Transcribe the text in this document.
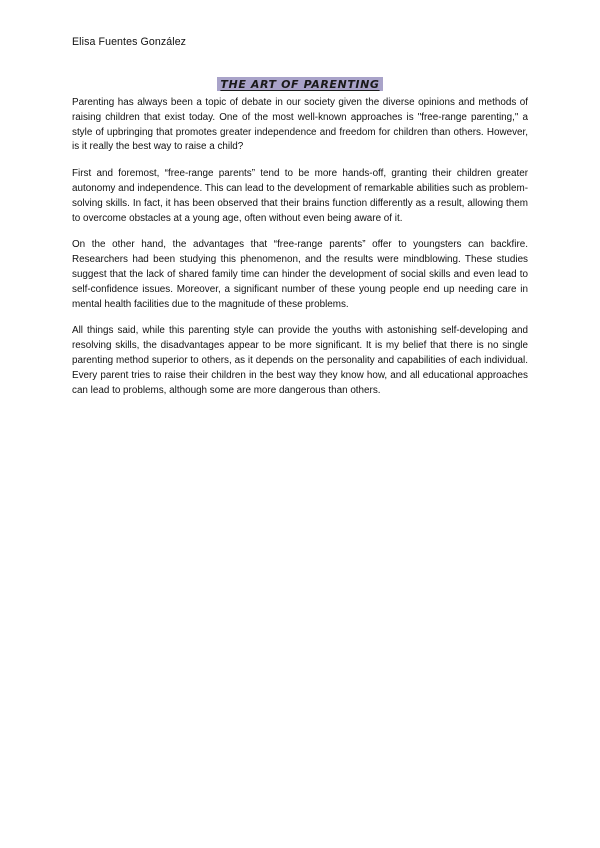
Elisa Fuentes González
THE ART OF PARENTING

Parenting has always been a topic of debate in our society given the diverse opinions and methods of raising children that exist today. One of the most well-known approaches is "free-range parenting," a style of upbringing that promotes greater independence and freedom for children than others. However, is it really the best way to raise a child?

First and foremost, “free-range parents” tend to be more hands-off, granting their children greater autonomy and independence. This can lead to the development of remarkable abilities such as problem-solving skills. In fact, it has been observed that their brains function differently as a result, allowing them to overcome obstacles at a young age, often without even being aware of it.

On the other hand, the advantages that “free-range parents” offer to youngsters can backfire. Researchers had been studying this phenomenon, and the results were mindblowing. These studies suggest that the lack of shared family time can hinder the development of social skills and even lead to self-confidence issues. Moreover, a significant number of these young people end up needing care in mental health facilities due to the magnitude of these problems.

All things said, while this parenting style can provide the youths with astonishing self-developing and resolving skills, the disadvantages appear to be more significant. It is my belief that there is no single parenting method superior to others, as it depends on the personality and capabilities of each individual. Every parent tries to raise their children in the best way they know how, and all educational approaches can lead to problems, although some are more dangerous than others.
